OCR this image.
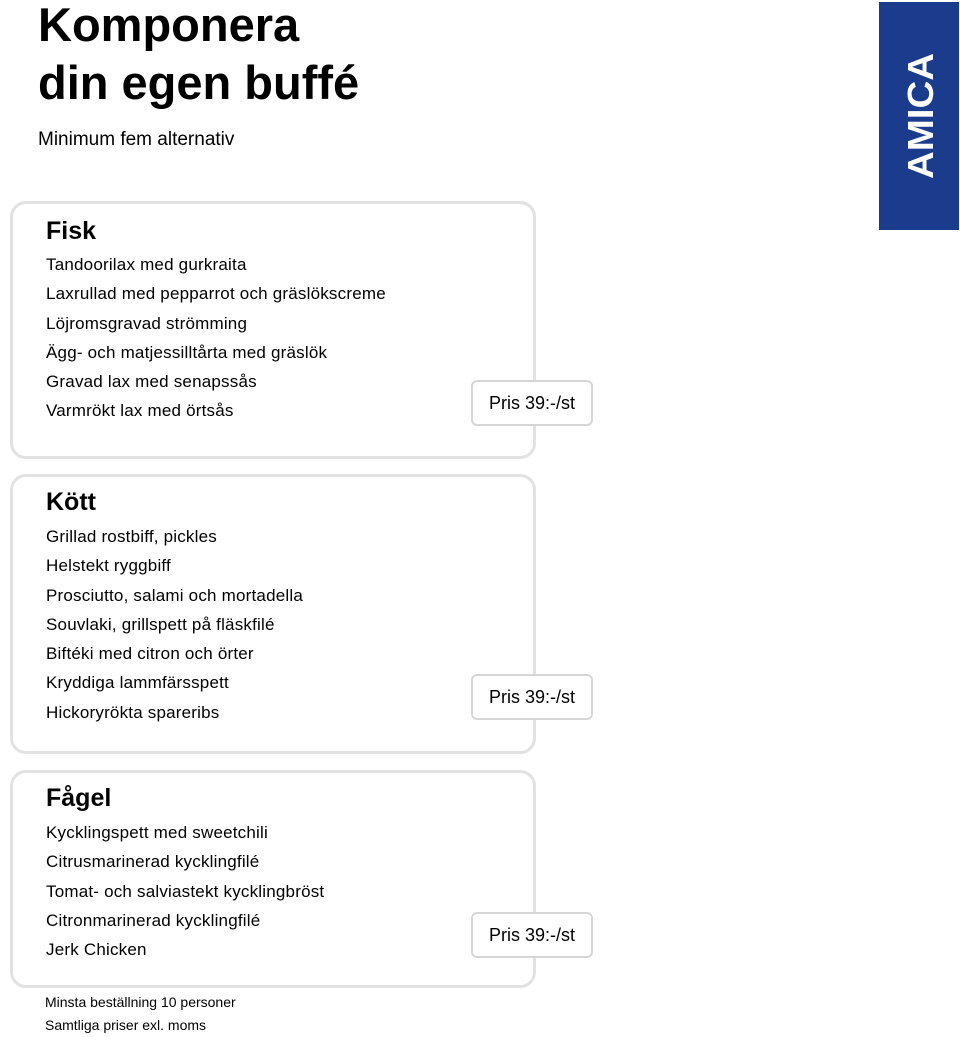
Komponera
din egen buffé
Minimum fem alternativ	AMICA
Fisk
Tandoorilax med gurkraita
Laxrullad med pepparrot och gräslökscreme
Löjromsgravad strömming
Ägg- och matjessilltårta med gräslök
Gravad lax med senapssås
Varmrökt lax med örtsås	Pris 39:-/st
Kött
Grillad rostbiff, pickles
Helstekt ryggbiff
Prosciutto, salami och mortadella
Souvlaki, grillspett på fläskfilé
Biftéki med citron och örter
Kryddiga lammfärsspett
Hickoryrökta spareribs
Pris 39:-/st
Fågel
Kycklingspett med sweetchili
Citrusmarinerad kycklingfilé
Tomat- och salviastekt kycklingbröst
Citronmarinerad kycklingfilé
Jerk Chicken
Pris 39:-/st
Minsta beställning 10 personer
Samtliga priser exl. moms
